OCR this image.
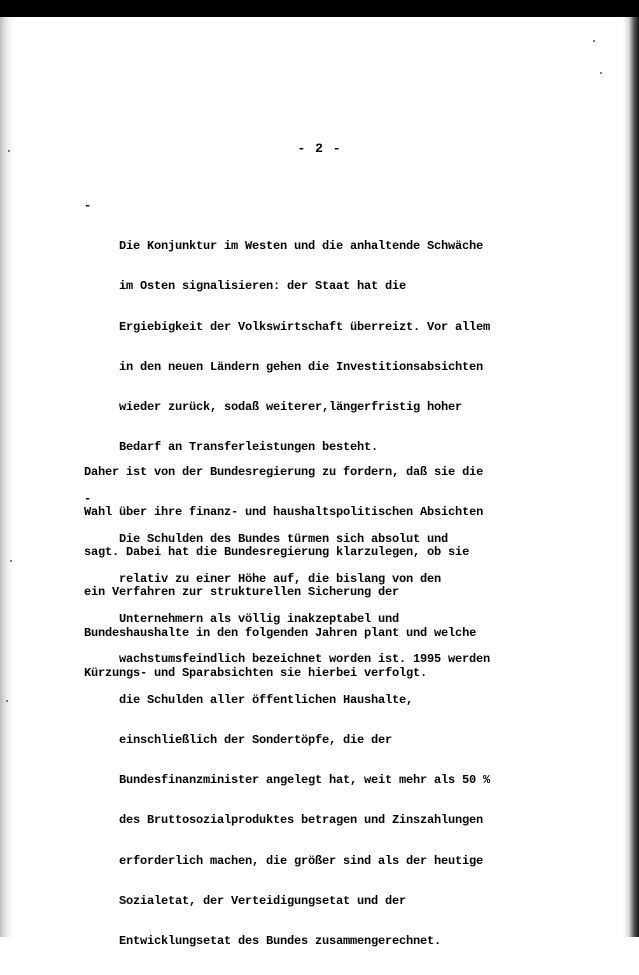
- 2 -

-

Die Konjunktur im Westen und die anhaltende Schwäche

im Osten signalisieren: der Staat hat die

Ergiebigkeit der Volkswirtschaft überreizt. Vor allem

in den neuen Ländern gehen die Investitionsabsichten

wieder zurück, sodaß weiterer,längerfristig hoher

Bedarf an Transferleistungen besteht.

-

Die Schulden des Bundes türmen sich absolut und

relativ zu einer Höhe auf, die bislang von den

Unternehmern als völlig inakzeptabel und

wachstumsfeindlich bezeichnet worden ist. 1995 werden

die Schulden aller öffentlichen Haushalte,

einschließlich der Sondertöpfe, die der

Bundesfinanzminister angelegt hat, weit mehr als 50 %

des Bruttosozialproduktes betragen und Zinszahlungen

erforderlich machen, die größer sind als der heutige

Sozialetat, der Verteidigungsetat und der

Entwicklungsetat des Bundes zusammengerechnet.

Daher ist von der Bundesregierung zu fordern, daß sie die

Wahl über ihre finanz- und haushaltspolitischen Absichten

sagt. Dabei hat die Bundesregierung klarzulegen, ob sie

ein Verfahren zur strukturellen Sicherung der

Bundeshaushalte in den folgenden Jahren plant und welche

Kürzungs- und Sparabsichten sie hierbei verfolgt.
